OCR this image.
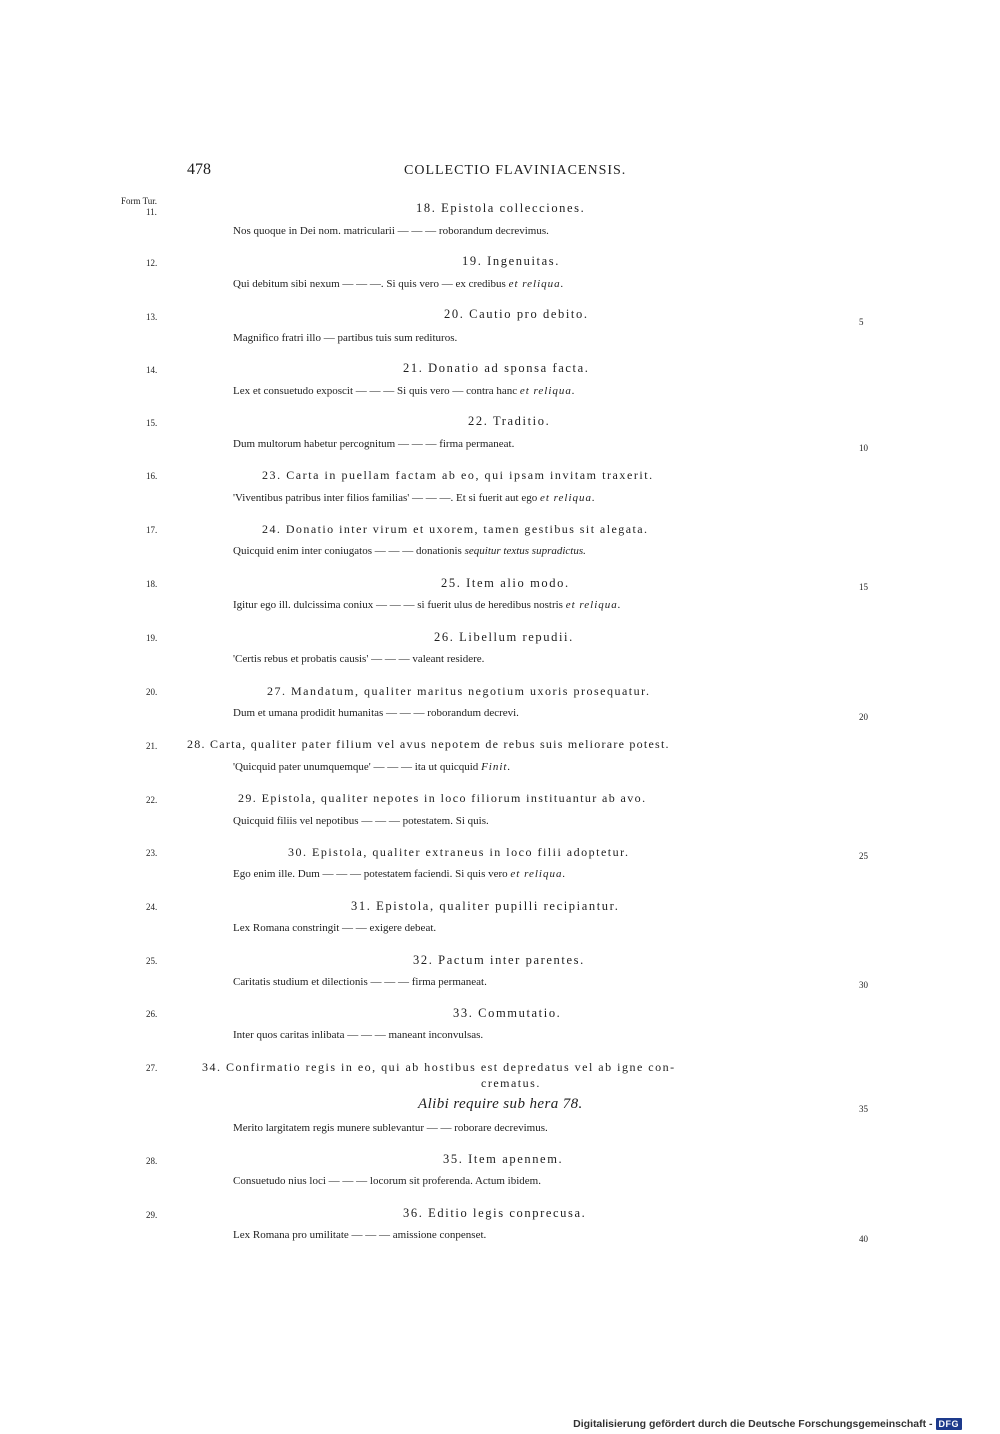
478	COLLECTIO FLAVINIACENSIS.
Form Tur.
11.	18. Epistola collecciones.
Nos quoque in Dei nom. matricularii — — — roborandum decrevimus.
12.	19. Ingenuitas.
Qui debitum sibi nexum — — —. Si quis vero — ex credibus et reliqua.
13.	20. Cautio pro debito.
5
Magnifico fratri illo — partibus tuis sum redituros.
14.	21. Donatio ad sponsa facta.
Lex et consuetudo exposcit — — — Si quis vero — contra hanc et reliqua.
15.	22. Traditio.
Dum multorum habetur percognitum — — — firma permaneat.	10
16.	23. Carta in puellam factam ab eo, qui ipsam invitam traxerit.
'Viventibus patribus inter filios familias' — — —. Et si fuerit aut ego et reliqua.
17.	24. Donatio inter virum et uxorem, tamen gestibus sit alegata.
Quicquid enim inter coniugatos — — — donationis sequitur textus supradictus.
18.	25. Item alio modo.	15
Igitur ego ill. dulcissima coniux — — — si fuerit ulus de heredibus nostris et reliqua.
19.	26. Libellum repudii.
'Certis rebus et probatis causis' — — — valeant residere.
20.	27. Mandatum, qualiter maritus negotium uxoris prosequatur.
Dum et umana prodidit humanitas — — — roborandum decrevi.	20
21. 28. Carta, qualiter pater filium vel avus nepotem de rebus suis meliorare potest.
'Quicquid pater unumquemque' — — — ita ut quicquid Finit.
22.	29. Epistola, qualiter nepotes in loco filiorum instituantur ab avo.
Quicquid filiis vel nepotibus — — — potestatem. Si quis.
23.	30. Epistola, qualiter extraneus in loco filii adoptetur.	25
Ego enim ille. Dum — — — potestatem faciendi. Si quis vero et reliqua.
24.	31. Epistola, qualiter pupilli recipiantur.
Lex Romana constringit — — exigere debeat.
25.	32. Pactum inter parentes.
Caritatis studium et dilectionis — — — firma permaneat.	30
26.	33. Commutatio.
Inter quos caritas inlibata — — — maneant inconvulsas.
27.	34. Confirmatio regis in eo, qui ab hostibus est depredatus vel ab igne con-
crematus.
Alibi require sub hera 78.	35
Merito largitatem regis munere sublevantur — — roborare decrevimus.
28.	35. Item apennem.
Consuetudo nius loci — — — locorum sit proferenda. Actum ibidem.
29.	36. Editio legis conprecusa.
Lex Romana pro umilitate — — — amissione conpenset.	40
Digitalisierung gefördert durch die Deutsche Forschungsgemeinschaft - DFG
